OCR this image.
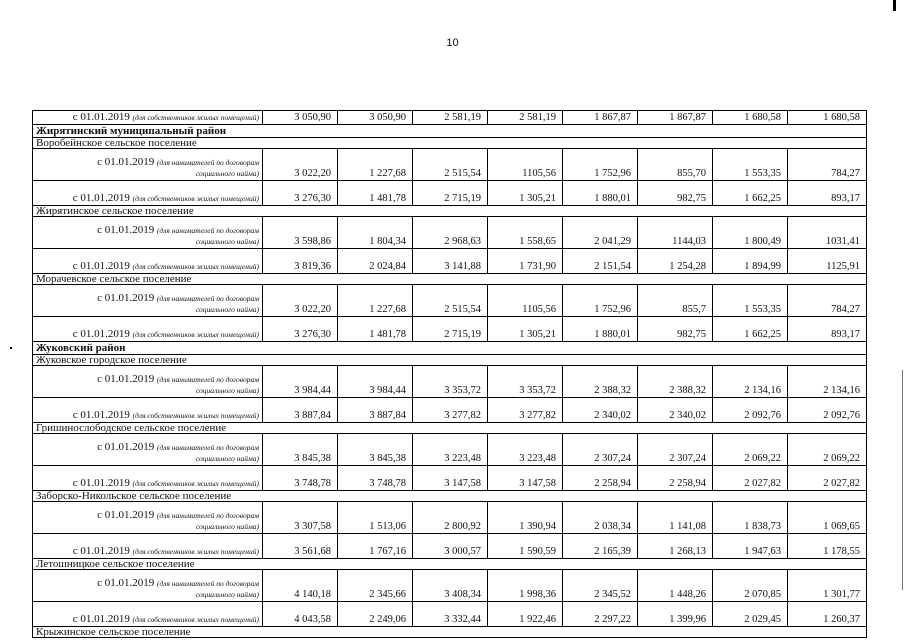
10
с 01.01.2019 (для собственников жилых помещений)	3 050,90	3 050,90	2 581,19	2 581,19	1 867,87	1 867,87	1 680,58	1 680,58
Жирятинский муниципальный район								
Воробейнское сельское поселение								
с 01.01.2019 (для нанимателей по договорам
социального найма)	3 022,20	1 227,68	2 515,54	1105,56	1 752,96	855,70	1 553,35	784,27
с 01.01.2019 (для собственников жилых помещений)	3 276,30	1 481,78	2 715,19	1 305,21	1 880,01	982,75	1 662,25	893,17
Жирятинское сельское поселение								
с 01.01.2019 (для нанимателей по договорам
социального найма)	3 598,86	1 804,34	2 968,63	1 558,65	2 041,29	1144,03	1 800,49	1031,41
с 01.01.2019 (для собственников жилых помещений)	3 819,36	2 024,84	3 141,88	1 731,90	2 151,54	1 254,28	1 894,99	1125,91
Морачевское сельское поселение								
с 01.01.2019 (для нанимателей по договорам
социального найма)	3 022,20	1 227,68	2 515,54	1105,56	1 752,96	855,7	1 553,35	784,27
с 01.01.2019 (для собственников жилых помещений)	3 276,30	1 481,78	2 715,19	1 305,21	1 880,01	982,75	1 662,25	893,17
Жуковский район								
Жуковское городское поселение								
с 01.01.2019 (для нанимателей по договорам
социального найма)	3 984,44	3 984,44	3 353,72	3 353,72	2 388,32	2 388,32	2 134,16	2 134,16
с 01.01.2019 (для собственников жилых помещений)	3 887,84	3 887,84	3 277,82	3 277,82	2 340,02	2 340,02	2 092,76	2 092,76
Гришинослободское сельское поселение								
с 01.01.2019 (для нанимателей по договорам
социального найма)	3 845,38	3 845,38	3 223,48	3 223,48	2 307,24	2 307,24	2 069,22	2 069,22
с 01.01.2019 (для собственников жилых помещений)	3 748,78	3 748,78	3 147,58	3 147,58	2 258,94	2 258,94	2 027,82	2 027,82
Заборско-Никольское сельское поселение								
с 01.01.2019 (для нанимателей по договорам
социального найма)	3 307,58	1 513,06	2 800,92	1 390,94	2 038,34	1 141,08	1 838,73	1 069,65
с 01.01.2019 (для собственников жилых помещений)	3 561,68	1 767,16	3 000,57	1 590,59	2 165,39	1 268,13	1 947,63	1 178,55
Летошницкое сельское поселение								
с 01.01.2019 (для нанимателей по договорам
социального найма)	4 140,18	2 345,66	3 408,34	1 998,36	2 345,52	1 448,26	2 070,85	1 301,77
с 01.01.2019 (для собственников жилых помещений)	4 043,58	2 249,06	3 332,44	1 922,46	2 297,22	1 399,96	2 029,45	1 260,37
Крыжинское сельское поселение								
